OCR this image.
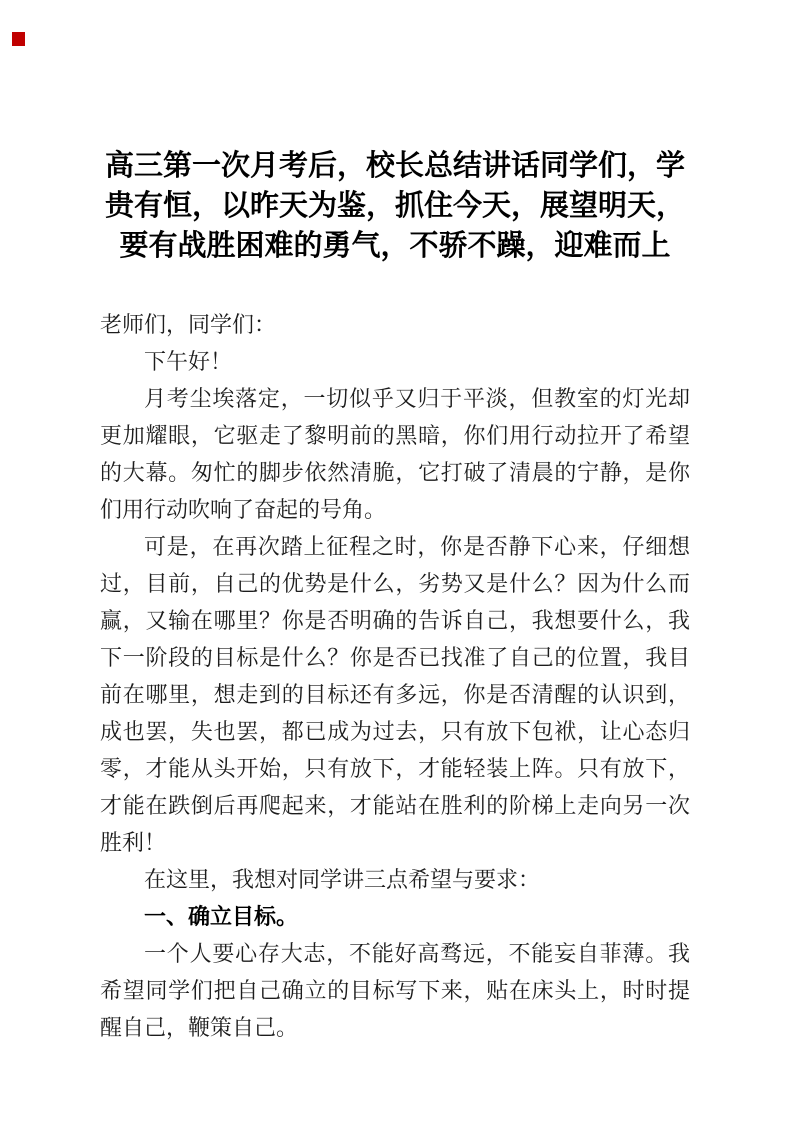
高三第一次月考后，校长总结讲话同学们，学贵有恒，以昨天为鉴，抓住今天，展望明天，要有战胜困难的勇气，不骄不躁，迎难而上

老师们，同学们：

下午好！

月考尘埃落定，一切似乎又归于平淡，但教室的灯光却更加耀眼，它驱走了黎明前的黑暗，你们用行动拉开了希望的大幕。匆忙的脚步依然清脆，它打破了清晨的宁静，是你们用行动吹响了奋起的号角。

可是，在再次踏上征程之时，你是否静下心来，仔细想过，目前，自己的优势是什么，劣势又是什么？因为什么而赢，又输在哪里？你是否明确的告诉自己，我想要什么，我下一阶段的目标是什么？你是否已找准了自己的位置，我目前在哪里，想走到的目标还有多远，你是否清醒的认识到，成也罢，失也罢，都已成为过去，只有放下包袱，让心态归零，才能从头开始，只有放下，才能轻装上阵。只有放下，才能在跌倒后再爬起来，才能站在胜利的阶梯上走向另一次胜利！

在这里，我想对同学讲三点希望与要求：

一、确立目标。

一个人要心存大志，不能好高骛远，不能妄自菲薄。我希望同学们把自己确立的目标写下来，贴在床头上，时时提醒自己，鞭策自己。
